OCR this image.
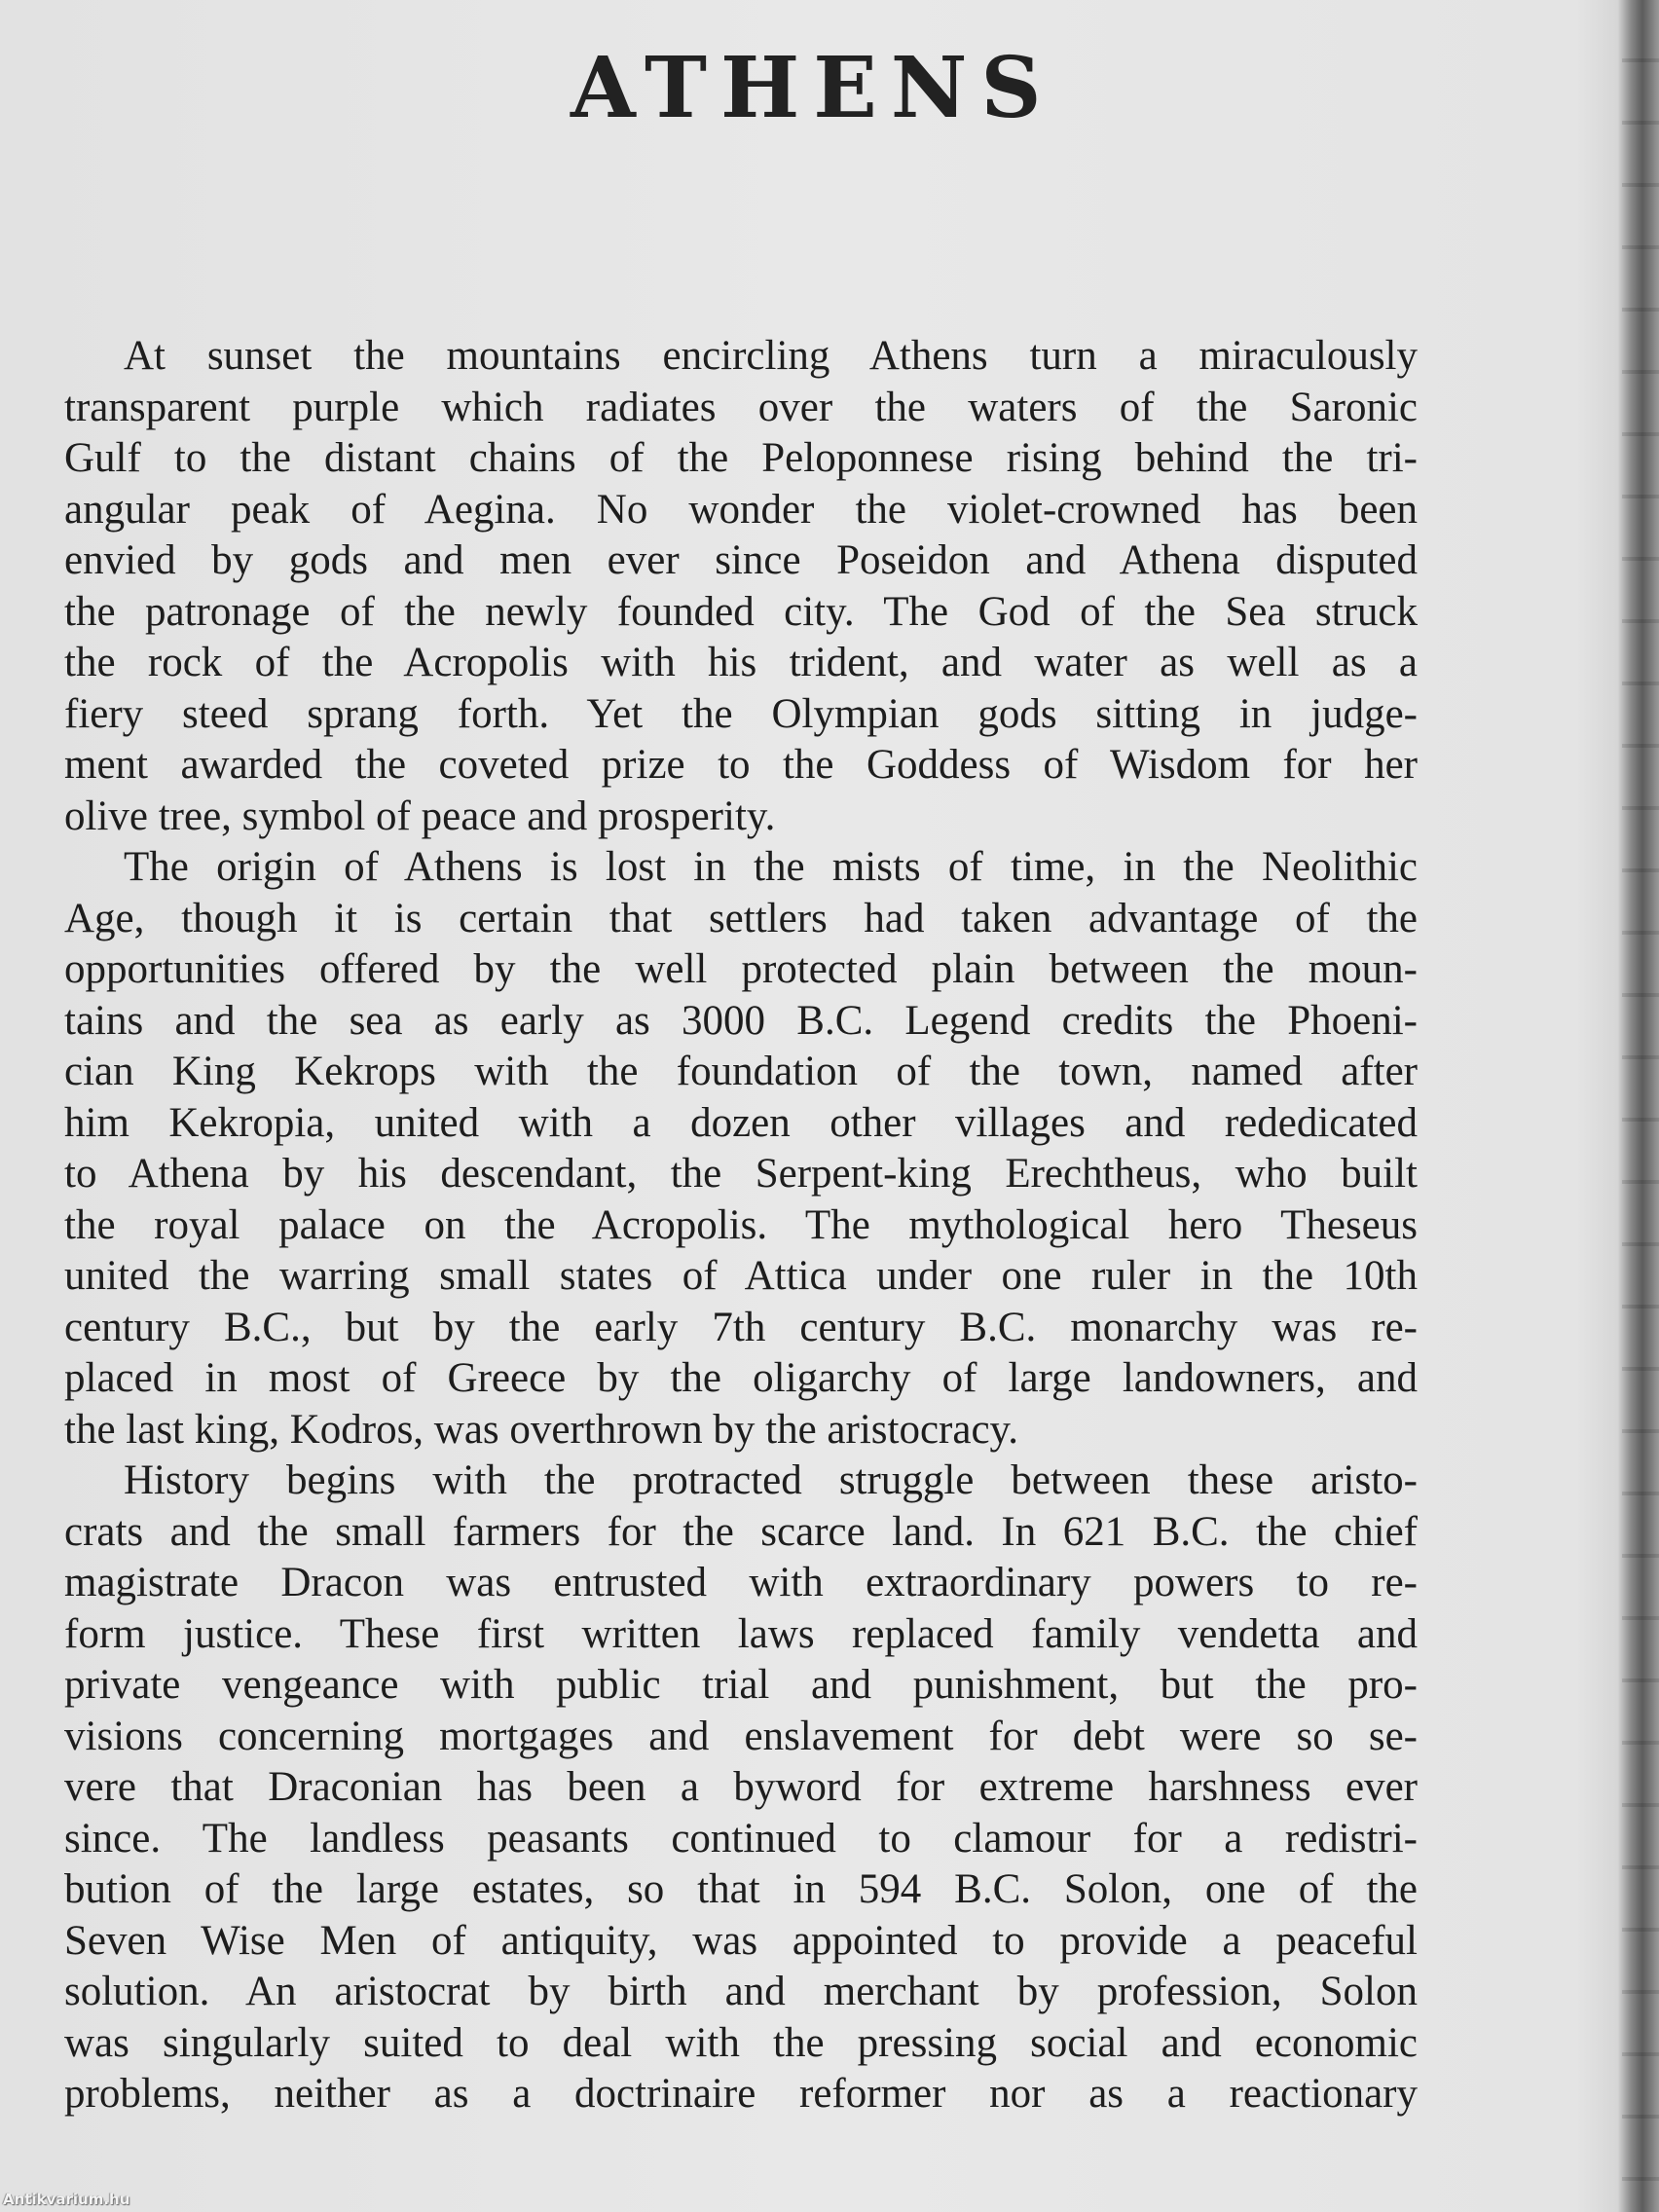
ATHENS
At sunset the mountains encircling Athens turn a miraculously
transparent purple which radiates over the waters of the Saronic
Gulf to the distant chains of the Peloponnese rising behind the tri-
angular peak of Aegina. No wonder the violet-crowned has been
envied by gods and men ever since Poseidon and Athena disputed
the patronage of the newly founded city. The God of the Sea struck
the rock of the Acropolis with his trident, and water as well as a
fiery steed sprang forth. Yet the Olympian gods sitting in judge-
ment awarded the coveted prize to the Goddess of Wisdom for her
olive tree, symbol of peace and prosperity.
The origin of Athens is lost in the mists of time, in the Neolithic
Age, though it is certain that settlers had taken advantage of the
opportunities offered by the well protected plain between the moun-
tains and the sea as early as 3000 B.C. Legend credits the Phoeni-
cian King Kekrops with the foundation of the town, named after
him Kekropia, united with a dozen other villages and rededicated
to Athena by his descendant, the Serpent-king Erechtheus, who built
the royal palace on the Acropolis. The mythological hero Theseus
united the warring small states of Attica under one ruler in the 10th
century B.C., but by the early 7th century B.C. monarchy was re-
placed in most of Greece by the oligarchy of large landowners, and
the last king, Kodros, was overthrown by the aristocracy.
History begins with the protracted struggle between these aristo-
crats and the small farmers for the scarce land. In 621 B.C. the chief
magistrate Dracon was entrusted with extraordinary powers to re-
form justice. These first written laws replaced family vendetta and
private vengeance with public trial and punishment, but the pro-
visions concerning mortgages and enslavement for debt were so se-
vere that Draconian has been a byword for extreme harshness ever
since. The landless peasants continued to clamour for a redistri-
bution of the large estates, so that in 594 B.C. Solon, one of the
Seven Wise Men of antiquity, was appointed to provide a peaceful
solution. An aristocrat by birth and merchant by profession, Solon
was singularly suited to deal with the pressing social and economic
problems, neither as a doctrinaire reformer nor as a reactionary
Antikvarium.hu
